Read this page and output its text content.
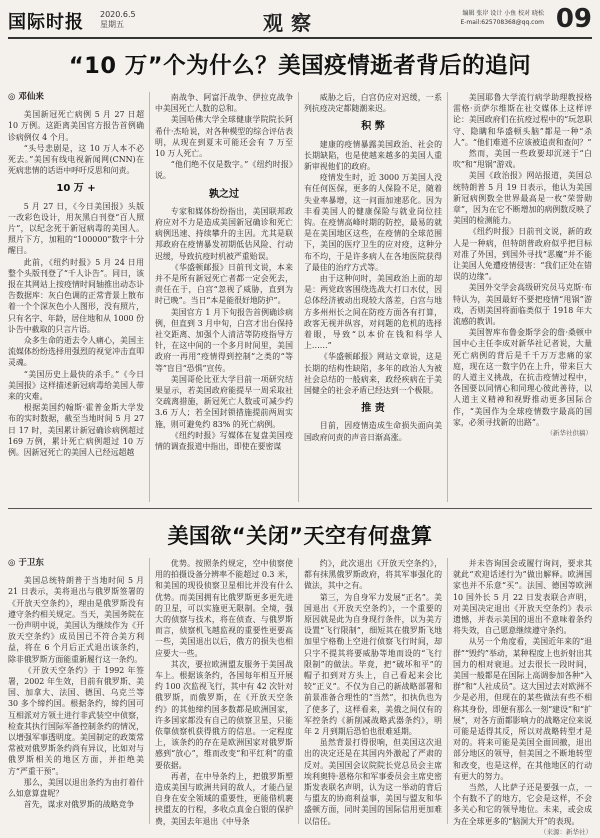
国际时报 2020.6.5
星期五	观察	编辑 张岸 设计 小鱼 校对 晓松
E-mail:625708368@qq.com 09
“10 万”个为什么？美国疫情逝者背后的追问
◎ 邓仙来

美国新冠死亡病例 5 月 27 日超 10 万例。这距离美国官方报告首例确诊病例仅 4 个月。

“头号悲剧是，这 10 万人本不必死去。”美国有线电视新闻网(CNN)在死病悲情的话语中呼吁反思和问责。

10 万 +

5 月 27 日，《今日美国报》头版一改彩色设计，用灰黑白刊登“百人照片”，以纪念死于新冠病毒的美国人。照片下方，加粗的“100000”数字十分醒目。

此前，《纽约时报》5 月 24 日用整个头版刊登了“千人讣告”。同日，该报在其网站上按疫情时间轴推出动态讣告数据库：灰白色调的正常背景上散布着一个个深灰色小人图形，没有照片，只有名字、年龄，居住地和从 1000 份讣告中截取的只言片语。

众多生命的逝去令人痛心，美国主流媒体纷纷选择用强烈的视觉冲击直叩灵魂。

“美国历史上最快的杀手。”《今日美国报》这样描述新冠病毒给美国人带来的灾难。

根据美国约翰斯·霍普金斯大学发布的实时数据，截至当地时间 5 月 27 日 17 时，美国累计新冠确诊病例超过 169 万例，累计死亡病例超过 10 万例。因新冠死亡的美国人已经远超越

南战争、阿富汗战争、伊拉克战争中美国死亡人数的总和。

美国哈佛大学全球健康学院院长阿希什·杰哈说，对各种模型的综合评估表明，从现在到夏末可能还会有 7 万至 10 万人死亡。

“他们绝不仅是数字。”《纽约时报》说。

孰之过

专家和媒体纷纷指出，美国联邦政府应对不力是造成美国新冠确诊和死亡病例迅速、持续攀升的主因。尤其是联邦政府在疫情暴发初期低估风险、行动迟缓，导致抗疫时机被严重贻误。

《华盛顿邮报》日前刊文说，本来并不是所有新冠死亡者都一定会死去，责任在于，白宫“忽视了威胁，直到为时已晚”。当日“本是能很好地防护”。

美国官方 1 月下旬报告首例确诊病例，但直到 3 月中旬，白宫才出台保持社交距离、加强个人清洁等防疫指导方针，在这中间的一个多月时间里，美国政府一再用“疫情得到控制”之类的“等等”盲目“恐惧”宣传。

美国哥伦比亚大学目前一项研究结果显示，若美国政府能提早一周采取社交疏离措施，新冠死亡人数或可减少约 3.6 万人；若全国封锁措施提前两周实施，则可避免约 83% 的死亡病例。

《纽约时报》写媒体在复盘美国疫情的调查报道中指出，即使在要密谋

威胁之后，白宫仍应对迟缓，一系列抗疫决定都随潮来迟。

积 弊

建康的疫情暴露美国政治、社会的长期缺陷，也是使越来越多的美国人重新审视他们的政府。

疫情发生时，近 3000 万美国人没有任何医保，更多的人保险不足，随着失业率暴增，这一问面加速恶化。因为丰看美国人的健康保险与就业岗位挂钩。在疫情高峰时期的防控，最易的就是在美国地区这些，在疫情的全球范围下，美国的医疗卫生的应对疫，这种分布不均，于是许多病人在各地医院获得了最佳的治疗方式等。

由于这种问时，美国政治上面的却是：两党政客围绕选战大打口水仗，因总体经济被动出现较大落差，白宫与地方多州州长之间在防疫方面各有打算，政客无视并纵容，对问题的危机的选择着眼，导致“以本价在钱和科学人上……”

《华盛顿邮报》网站文章说，这是长期的结构性缺陷，多年的政治人为被社会总结的一般病来，政经疾病在于美国健全的社会矛盾已经达到一个极限。

推 责

目前，因疫情造成生命损失面向美国政府问责的声音日渐高涨。

美国耶鲁大学流行病学助理教授格雷格·贡萨尔维斯在社交媒体上这样评论：美国政府们在抗疫过程中的“玩忽职守、隐瞒和华盛顿头脑”都是一种“杀人”。“他们难道不应该被追责和查问？”

然而，美国一些政要却沉迷于“白吹”和“甩锅”游戏。

美国《政治报》网站报道，美国总统特朗普 5 月 19 日表示，他认为美国新冠病例数全世界最高是一枚“荣誉勋章”，因为在它不断增加的病例数反映了美国的检测能力。

《纽约时报》日前刊文说，新的政人是一种病，但特朗普政府似乎把目标对准了外国，到国外寻找“恶魔”并不能让美国人免遭疫情侵害：“我们正处在错误的边缘”。

美国外交学会高级研究员马克斯·布特认为，美国最好不要把疫情“甩锅”游戏，否则美国将面临类似于 1918 年大流感的教训。

美国智库布鲁金斯学会的詹·桑顿中国中心主任李成对新华社记者说，大量死亡病例的背后是千千万万悲痛的家庭，现在这一数字仍在上升，带来巨大的人道主义挑战，在抗击疫情过程中，各国要以同情心和同理心彼此善待，以人道主义精神和视野推动更多国际合作，“美国作为全球疫情数字最高的国家，必须寻找新的出路”。

（新华社供稿）
美国欲“关闭”天空有何盘算
◎ 于卫东

美国总统特朗普于当地时间 5 月 21 日表示，美将退出与俄罗斯签署的《开放天空条约》，理由是俄罗斯没有遵守条约相关规定。当天，美国务院在一份声明中说，美国认为继续作为《开放天空条约》成员国已不符合美方利益，将在 6 个月后正式退出该条约，除非俄罗斯方面能重新履行这一条约。

《开放天空条约》于 1992 年签署，2002 年生效，目前有俄罗斯、美国、加拿大、法国、德国、乌克兰等 30 多个缔约国。根据条约，缔约国可互相派对方领土进行非武装空中侦察，检查其执行国际军备控制条约的情况，以增强军事透明度。美国制定的政策常常被对俄罗斯条约尚有异议，比如对与俄罗斯相关的地区方面，并拒绝美方“严重干预”。

那么，美国以退出条约为由打着什么如意算盘呢？

首先，谋求对俄罗斯的战略竞争

优势。按照条约规定，空中侦察使用的拍摄设备分辨率不能超过 0.3 米，和美国的现役侦察卫星相比并没有什么优势。而美国拥有比俄罗斯更多更先进的卫星，可以实施更无限制。全境，强大的侦察与技术，将在侦查、与俄罗斯而言，侦察机飞越监视的重要性更要高一些，美国退出以后，俄方的损失也相应要大一些。

其次，要拉欧洲盟友服务于美国战车上。根据该条约，各国每年相互开展约 100 次监视飞行，其中有 42 次针对俄罗斯，而俄罗斯，在《开放天空条约》的其他缔约国多数都是欧洲国家，许多国家都没有自己的侦察卫星，只能依靠侦察机获得俄方的信息。一定程度上，该条约的存在是欧洲国家对俄罗斯感到“放心”，维而改变“和平红利”的重要依据。

再者，在中导条约上，把俄罗斯塑造成美国与欧洲共同的敌人，才能凸显自身在安全领域的重要性，更能借机裹挟盟友的行程，多收点真金白银的保护费，美国去年退出《中导条

约》，此次退出《开放天空条约》，都有抹黑俄罗斯政府，将其军事强化的做法，其中之有。

第三，为自身军力发展“正名”。美国退出《开放天空条约》，一个重要的原因就是此为自身现行条件，以为美方设置“飞行限制”，细短其在俄罗斯飞地加里宁格勒上空进行侦察飞行时间，却只字不提其将要威胁等地而设的“飞行限制”的做法。毕竟，把“破坏和平”的帽子扣到对方头上，自己看起来会比较“正义”。不仅为自己的新战略部署和前景准备合理性的“当然”，扣执仇也为了使多了，这样看来，美俄之间仅有的军控条约《新削减战略武器条约》，明年 2 月到期后恐怕也很难延期。

虽然背景打得很响，但美国这次退出的决定还是在其国内外激起了严肃的反对。美国国会议院院长党总员会主席埃利奥特·恩格尔和军事委员会主席史密斯发表联名声明，认为这一举动的背后与盟友的协商利益事，美国与盟友和华盛顿方面，同时美国的国际信用更加难以信任。

并未咨询国会或履行询问，要求其就此“欢迎话述行为”做出解释。欧洲国家也并不乐意“买”。法国、德国等欧洲 10 国外长 5 月 22 日发表联合声明，对美国决定退出《开放天空条约》表示遗憾，并表示美国的退出不意味着条约将失效，自己愿意继续遵守条约。

从另一个角度看，美国近年来的“退群”“毁约”举动，某种程度上也折射出其国力的相对衰退。过去很长一段时间，美国一般都是在国际上高调参加各种“入群”和“人社成员”。这大国过去对欧洲不少是必用，但现在的某些做法有些不相称其身份，即便有那么一刻“建设”和“扩展”，对各方面都影响力的战略定位来说可能是适得其反，所以对战略转型才是对的。将来可能是美国全面回撤，退出部分地区的领导，但美国之不断地转型和改变，也是这样，在其他地区的行动有更大的努力。

当然，人比萨子还是要强一点，一个有数不了的地方，它会是这样，不会多关心和它的领导地位。未来，或会成为在全球更多的“脑洞大开”的表现。

（来源：新华社）
